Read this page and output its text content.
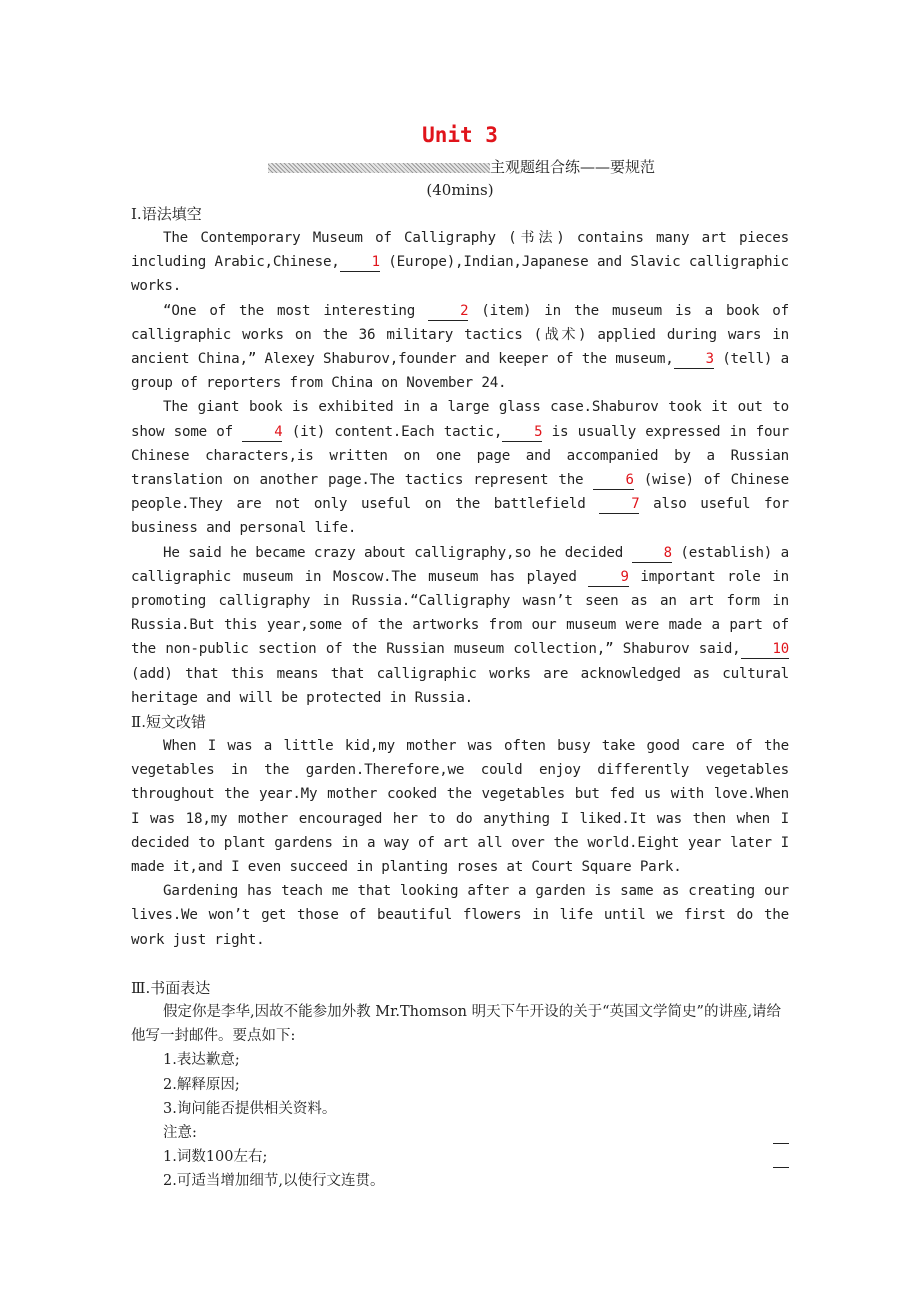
Unit 3
主观题组合练——要规范
(40mins)
Ⅰ.语法填空

The Contemporary Museum of Calligraphy (书法) contains many art pieces including Arabic,Chinese, 1 (Europe),Indian,Japanese and Slavic calligraphic works.

“One of the most interesting 2 (item) in the museum is a book of calligraphic works on the 36 military tactics (战术) applied during wars in ancient China,” Alexey Shaburov,founder and keeper of the museum, 3 (tell) a group of reporters from China on November 24.

The giant book is exhibited in a large glass case.Shaburov took it out to show some of 4 (it) content.Each tactic, 5 is usually expressed in four Chinese characters,is written on one page and accompanied by a Russian translation on another page.The tactics represent the 6 (wise) of Chinese people.They are not only useful on the battlefield 7 also useful for business and personal life.

He said he became crazy about calligraphy,so he decided 8 (establish) a calligraphic museum in Moscow.The museum has played 9 important role in promoting calligraphy in Russia.“Calligraphy wasn’t seen as an art form in Russia.But this year,some of the artworks from our museum were made a part of the non-public section of the Russian museum collection,” Shaburov said, 10 (add) that this means that calligraphic works are acknowledged as cultural heritage and will be protected in Russia.

Ⅱ.短文改错

When I was a little kid,my mother was often busy take good care of the vegetables in the garden.Therefore,we could enjoy differently vegetables throughout the year.My mother cooked the vegetables but fed us with love.When I was 18,my mother encouraged her to do anything I liked.It was then when I decided to plant gardens in a way of art all over the world.Eight year later I made it,and I even succeed in planting roses at Court Square Park.

Gardening has teach me that looking after a garden is same as creating our lives.We won’t get those of beautiful flowers in life until we first do the work just right.

Ⅲ.书面表达

假定你是李华,因故不能参加外教 Mr.Thomson 明天下午开设的关于“英国文学简史”的讲座,请给他写一封邮件。要点如下:

1.表达歉意;

2.解释原因;

3.询问能否提供相关资料。

注意:

1.词数100左右;

2.可适当增加细节,以使行文连贯。
